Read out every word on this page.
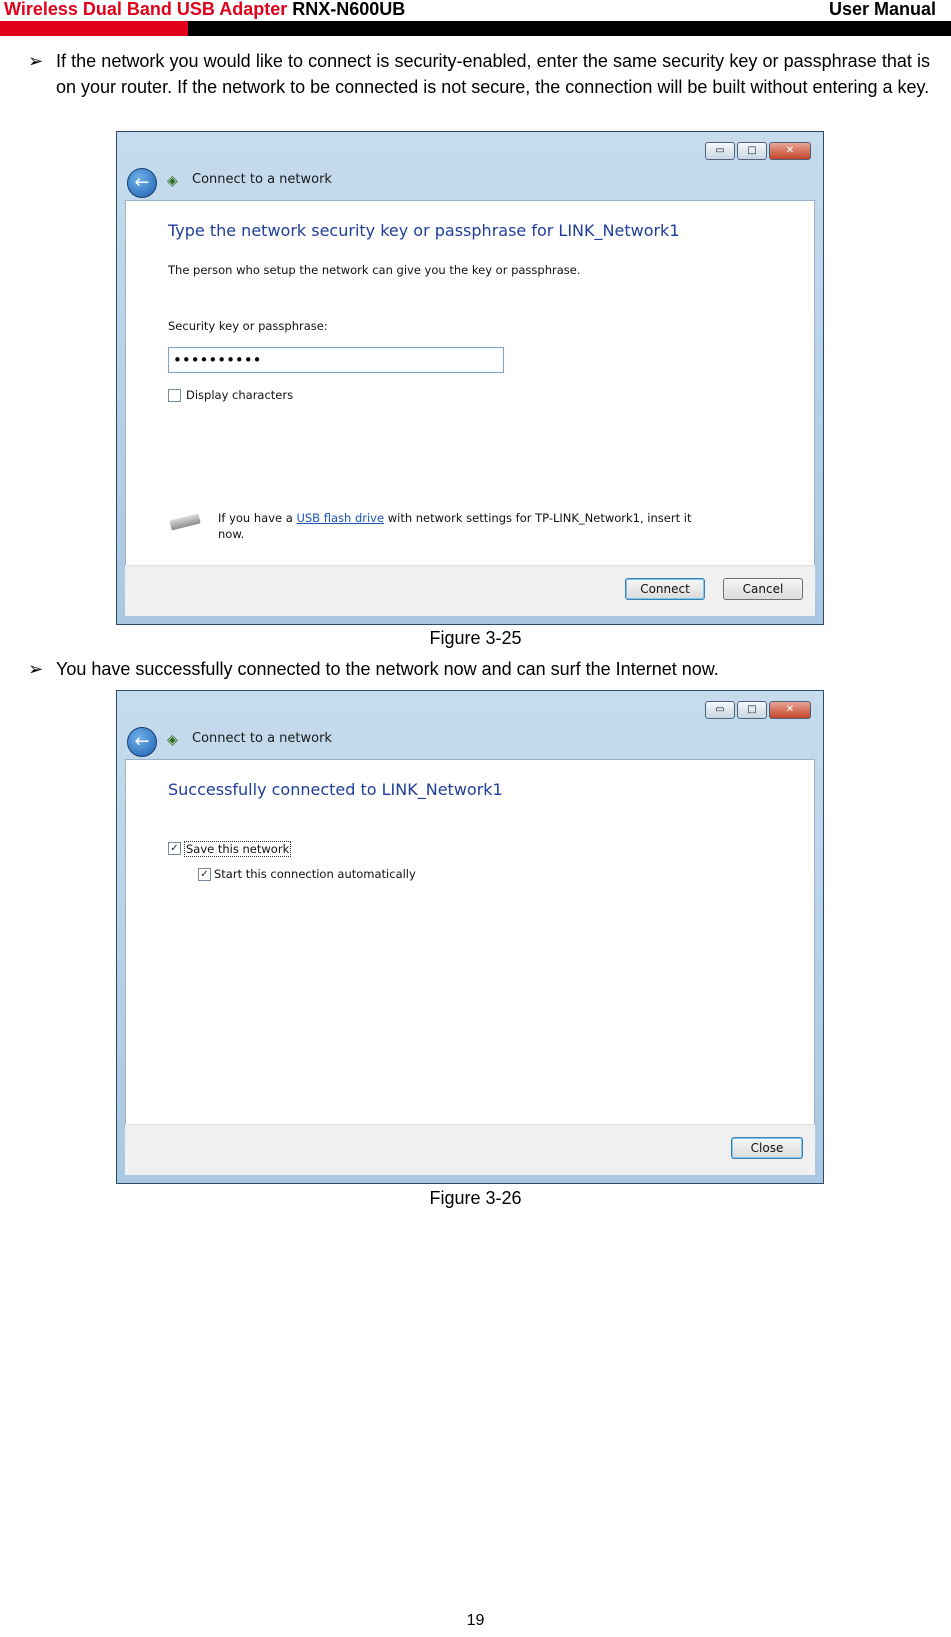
Wireless Dual Band USB Adapter RNX-N600UB	User Manual
➢ If the network you would like to connect is security-enabled, enter the same security key or passphrase that is on your router. If the network to be connected is not secure, the connection will be built without entering a key.
▭	□	✕
←	◈ Connect to a network
Type the network security key or passphrase for LINK_Network1
The person who setup the network can give you the key or passphrase.
Security key or passphrase:
••••••••••
Display characters
If you have a USB flash drive with network settings for TP-LINK_Network1, insert it
now.
Connect	Cancel
Figure 3-25
➢ You have successfully connected to the network now and can surf the Internet now.
▭	□	✕
←	◈ Connect to a network
Successfully connected to LINK_Network1
✓ Save this network
✓ Start this connection automatically
Close
Figure 3-26
19
